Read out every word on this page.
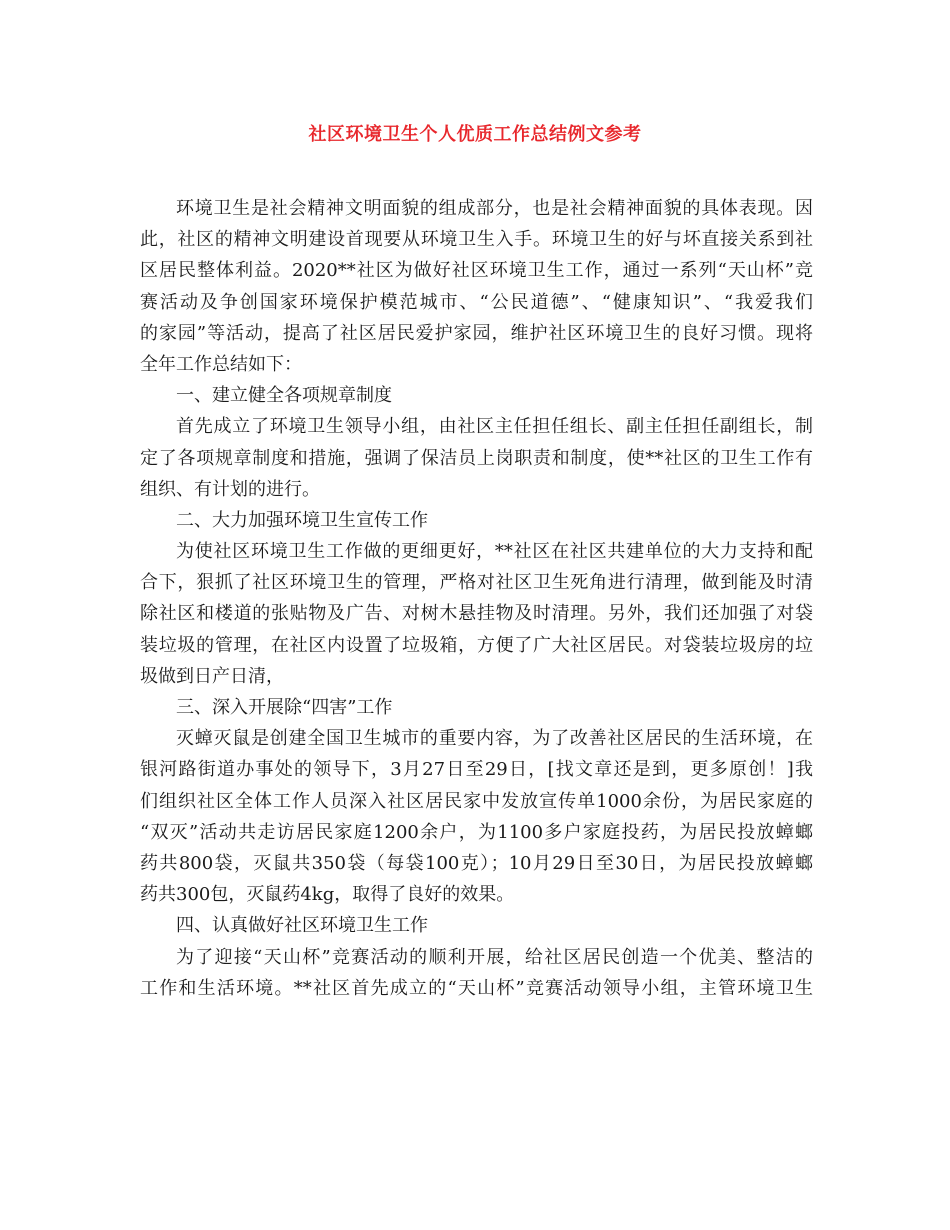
社区环境卫生个人优质工作总结例文参考
环境卫生是社会精神文明面貌的组成部分，也是社会精神面貌的具体表现。因
此，社区的精神文明建设首现要从环境卫生入手。环境卫生的好与坏直接关系到社
区居民整体利益。2020**社区为做好社区环境卫生工作，通过一系列“天山杯”竞
赛活动及争创国家环境保护模范城市、“公民道德”、“健康知识”、“我爱我们
的家园”等活动，提高了社区居民爱护家园，维护社区环境卫生的良好习惯。现将
全年工作总结如下：
一、建立健全各项规章制度
首先成立了环境卫生领导小组，由社区主任担任组长、副主任担任副组长，制
定了各项规章制度和措施，强调了保洁员上岗职责和制度，使**社区的卫生工作有
组织、有计划的进行。
二、大力加强环境卫生宣传工作
为使社区环境卫生工作做的更细更好，**社区在社区共建单位的大力支持和配
合下，狠抓了社区环境卫生的管理，严格对社区卫生死角进行清理，做到能及时清
除社区和楼道的张贴物及广告、对树木悬挂物及时清理。另外，我们还加强了对袋
装垃圾的管理，在社区内设置了垃圾箱，方便了广大社区居民。对袋装垃圾房的垃
圾做到日产日清，
三、深入开展除“四害”工作
灭蟑灭鼠是创建全国卫生城市的重要内容，为了改善社区居民的生活环境，在
银河路街道办事处的领导下，3月27日至29日，[找文章还是到，更多原创！]我
们组织社区全体工作人员深入社区居民家中发放宣传单1000余份，为居民家庭的
“双灭”活动共走访居民家庭1200余户，为1100多户家庭投药，为居民投放蟑螂
药共800袋，灭鼠共350袋（每袋100克）；10月29日至30日，为居民投放蟑螂
药共300包，灭鼠药4kg，取得了良好的效果。
四、认真做好社区环境卫生工作
为了迎接“天山杯”竞赛活动的顺利开展，给社区居民创造一个优美、整洁的
工作和生活环境。**社区首先成立的“天山杯”竞赛活动领导小组，主管环境卫生
